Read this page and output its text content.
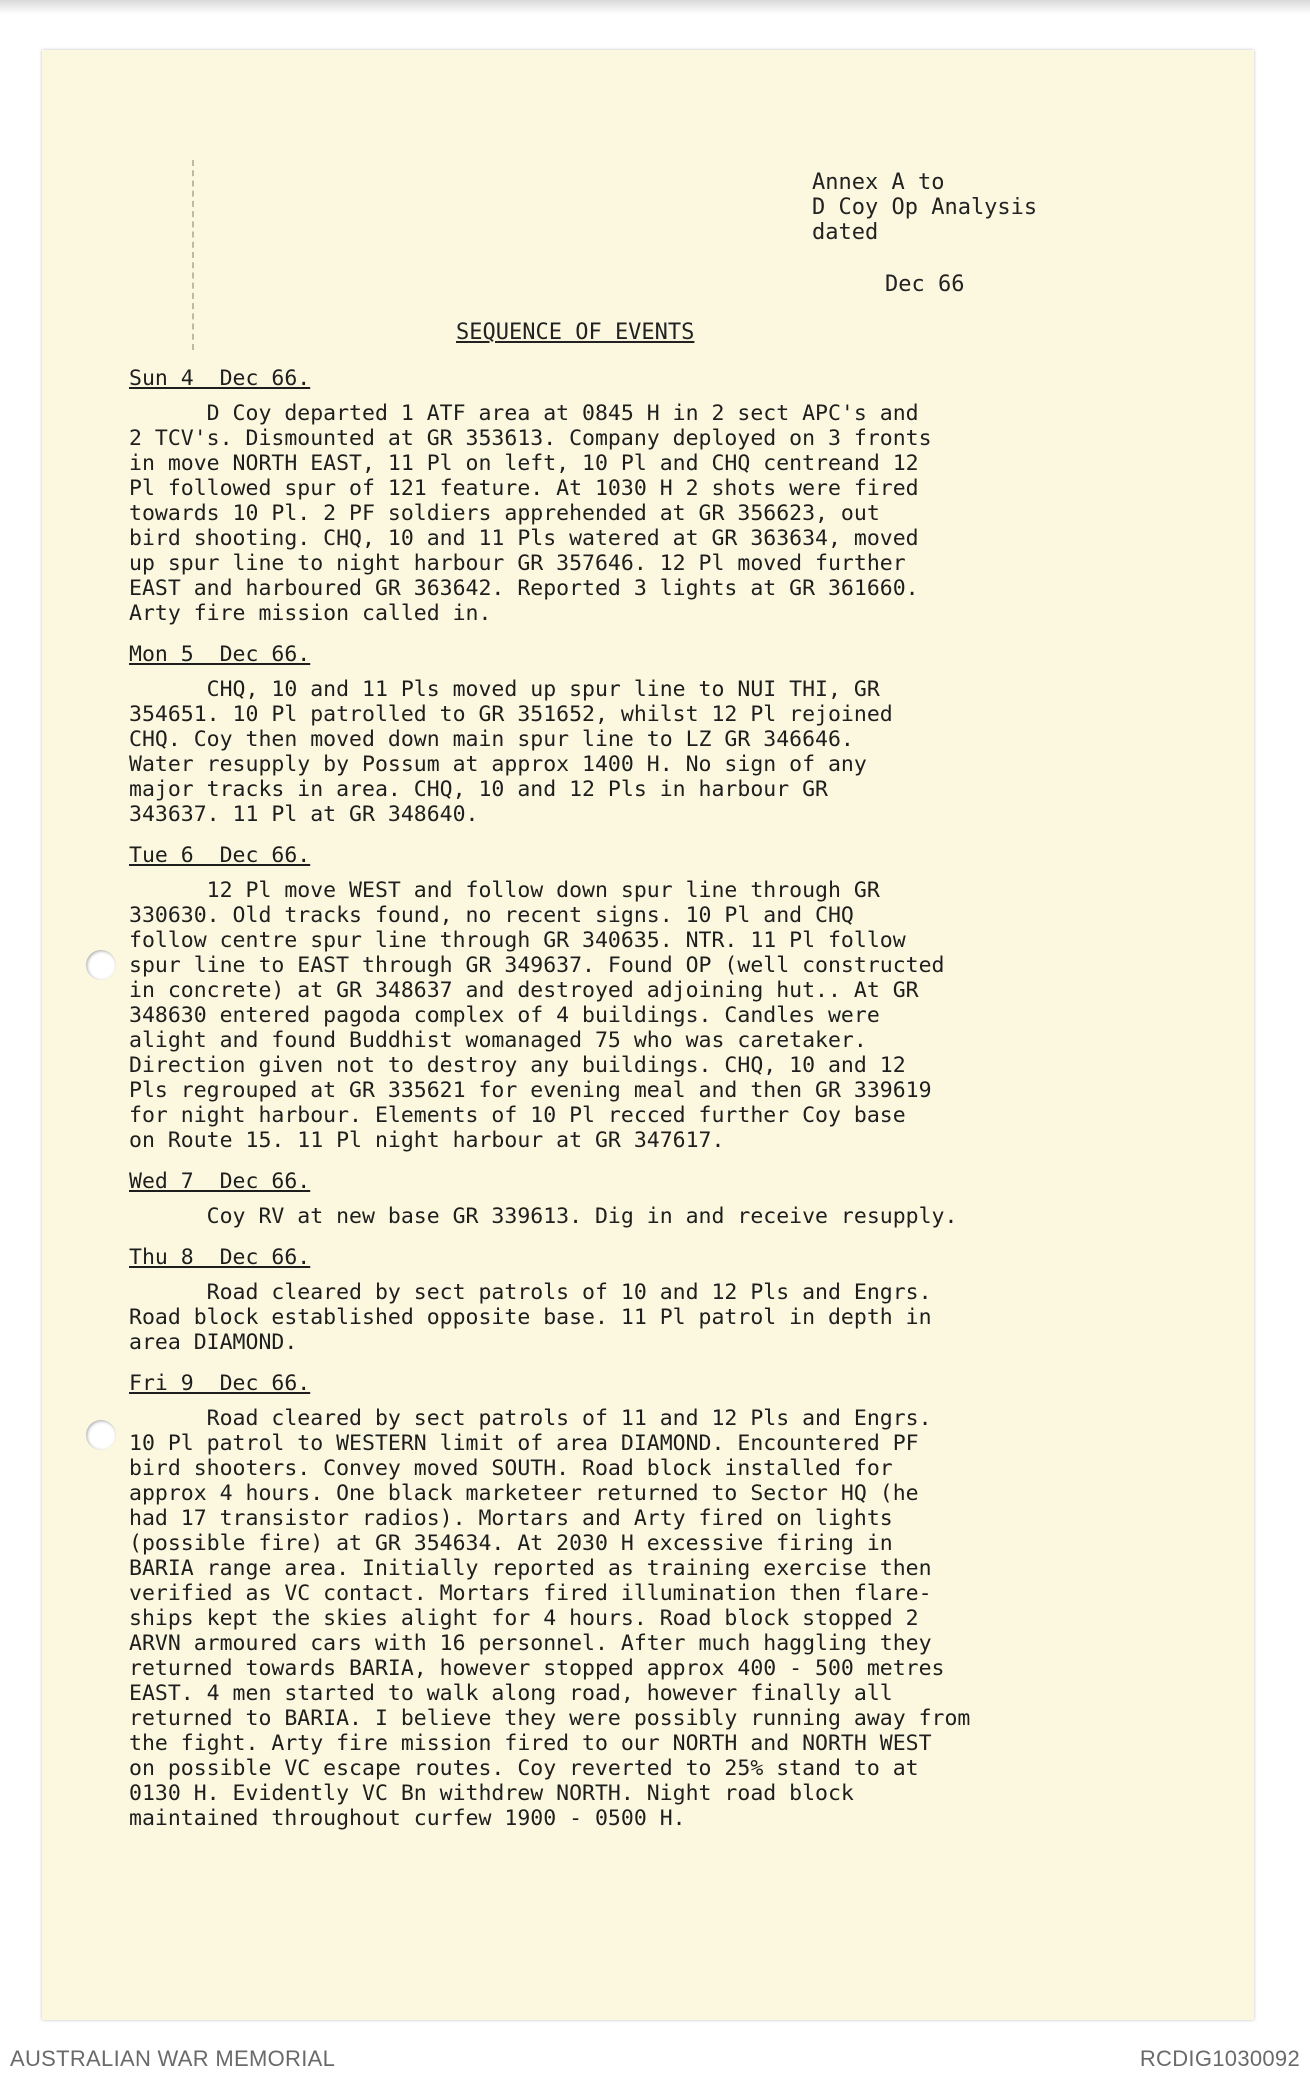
Annex A to
D Coy Op Analysis
dated
Dec 66
SEQUENCE OF EVENTS
Sun 4  Dec 66.
D Coy departed 1 ATF area at 0845 H in 2 sect APC's and
2 TCV's. Dismounted at GR 353613. Company deployed on 3 fronts
in move NORTH EAST, 11 Pl on left, 10 Pl and CHQ centreand 12
Pl followed spur of 121 feature. At 1030 H 2 shots were fired
towards 10 Pl. 2 PF soldiers apprehended at GR 356623, out
bird shooting. CHQ, 10 and 11 Pls watered at GR 363634, moved
up spur line to night harbour GR 357646. 12 Pl moved further
EAST and harboured GR 363642. Reported 3 lights at GR 361660.
Arty fire mission called in.
Mon 5  Dec 66.
CHQ, 10 and 11 Pls moved up spur line to NUI THI, GR
354651. 10 Pl patrolled to GR 351652, whilst 12 Pl rejoined
CHQ. Coy then moved down main spur line to LZ GR 346646.
Water resupply by Possum at approx 1400 H. No sign of any
major tracks in area. CHQ, 10 and 12 Pls in harbour GR
343637. 11 Pl at GR 348640.
Tue 6  Dec 66.
12 Pl move WEST and follow down spur line through GR
330630. Old tracks found, no recent signs. 10 Pl and CHQ
follow centre spur line through GR 340635. NTR. 11 Pl follow
spur line to EAST through GR 349637. Found OP (well constructed
in concrete) at GR 348637 and destroyed adjoining hut.. At GR
348630 entered pagoda complex of 4 buildings. Candles were
alight and found Buddhist womanaged 75 who was caretaker.
Direction given not to destroy any buildings. CHQ, 10 and 12
Pls regrouped at GR 335621 for evening meal and then GR 339619
for night harbour. Elements of 10 Pl recced further Coy base
on Route 15. 11 Pl night harbour at GR 347617.
Wed 7  Dec 66.
Coy RV at new base GR 339613. Dig in and receive resupply.
Thu 8  Dec 66.
Road cleared by sect patrols of 10 and 12 Pls and Engrs.
Road block established opposite base. 11 Pl patrol in depth in
area DIAMOND.
Fri 9  Dec 66.
Road cleared by sect patrols of 11 and 12 Pls and Engrs.
10 Pl patrol to WESTERN limit of area DIAMOND. Encountered PF
bird shooters. Convey moved SOUTH. Road block installed for
approx 4 hours. One black marketeer returned to Sector HQ (he
had 17 transistor radios). Mortars and Arty fired on lights
(possible fire) at GR 354634. At 2030 H excessive firing in
BARIA range area. Initially reported as training exercise then
verified as VC contact. Mortars fired illumination then flare-
ships kept the skies alight for 4 hours. Road block stopped 2
ARVN armoured cars with 16 personnel. After much haggling they
returned towards BARIA, however stopped approx 400 - 500 metres
EAST. 4 men started to walk along road, however finally all
returned to BARIA. I believe they were possibly running away from
the fight. Arty fire mission fired to our NORTH and NORTH WEST
on possible VC escape routes. Coy reverted to 25% stand to at
0130 H. Evidently VC Bn withdrew NORTH. Night road block
maintained throughout curfew 1900 - 0500 H.
AUSTRALIAN WAR MEMORIAL	RCDIG1030092
